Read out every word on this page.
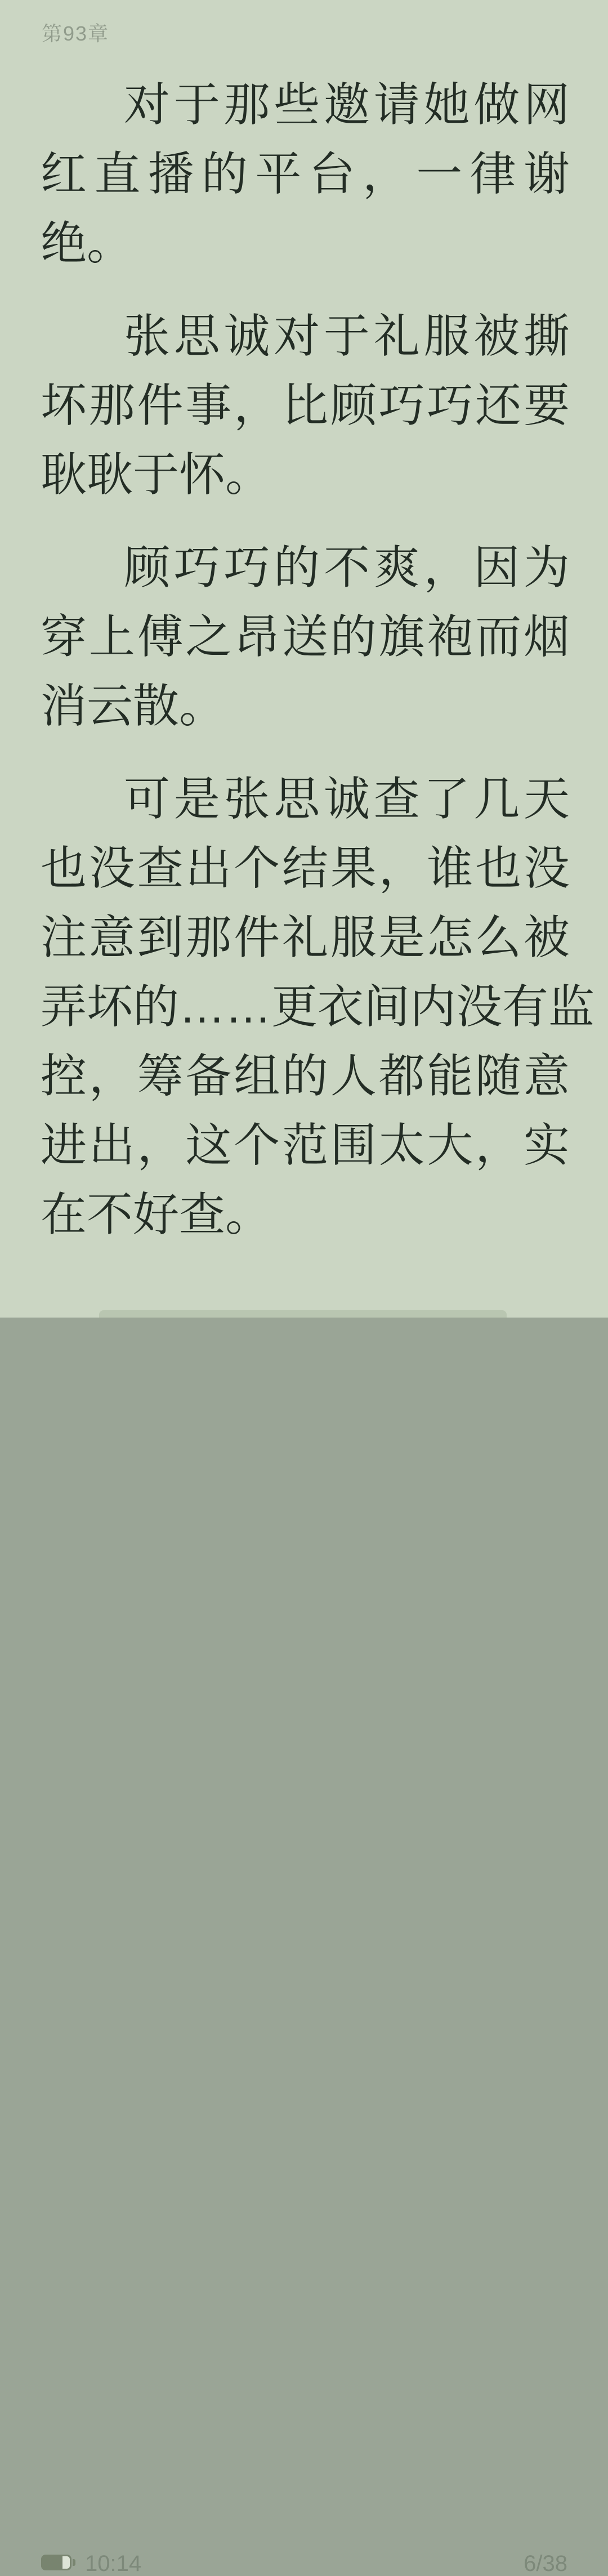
第93章
对于那些邀请她做网
红直播的平台，一律谢
绝。
张思诚对于礼服被撕
坏那件事，比顾巧巧还要
耿耿于怀。
顾巧巧的不爽，因为
穿上傅之昂送的旗袍而烟
消云散。
可是张思诚查了几天
也没查出个结果，谁也没
注意到那件礼服是怎么被
弄坏的……更衣间内没有监
控，筹备组的人都能随意
进出，这个范围太大，实
在不好查。
10:14	6/38
